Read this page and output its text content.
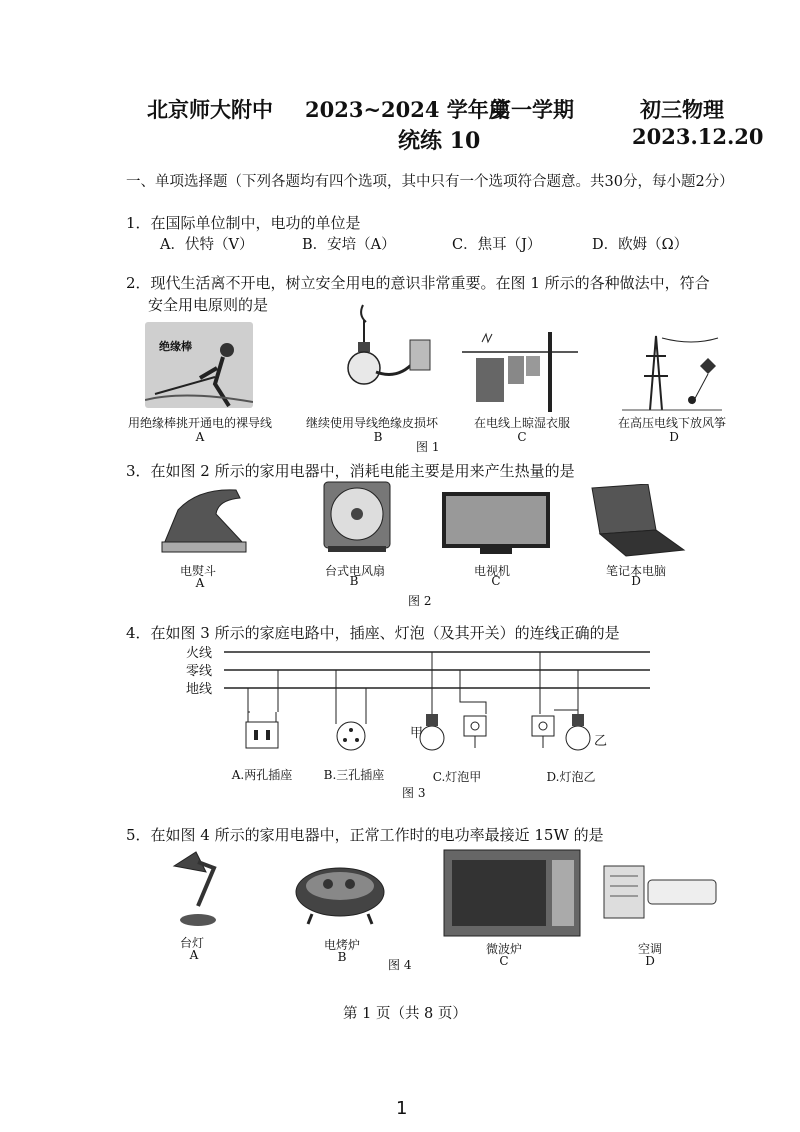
北京师大附中 2023~2024 学年度
第一学期	初三物理
统练 10	2023.12.20
一、单项选择题（下列各题均有四个选项，其中只有一个选项符合题意。共30分，每小题2分）
1．在国际单位制中，电功的单位是
A．伏特（V）	B．安培（A）	C．焦耳（J）	D．欧姆（Ω）
2．现代生活离不开电，树立安全用电的意识非常重要。在图 1 所示的各种做法中，符合
安全用电原则的是
绝缘棒
用绝缘棒挑开通电的裸导线	继续使用导线绝缘皮损坏	在电线上晾湿衣服	在高压电线下放风筝
A	B	C	D
图 1
3．在如图 2 所示的家用电器中，消耗电能主要是用来产生热量的是
电熨斗	台式电风扇	电视机	笔记本电脑
A	B	C	D
图 2
4．在如图 3 所示的家庭电路中，插座、灯泡（及其开关）的连线正确的是
火线
零线
地线
甲
乙
A.两孔插座	B.三孔插座	C.灯泡甲	D.灯泡乙
图 3
5．在如图 4 所示的家用电器中，正常工作时的电功率最接近 15W 的是
台灯	电烤炉	微波炉	空调
A	B	C	D
图 4
第 1 页（共 8 页）
1
